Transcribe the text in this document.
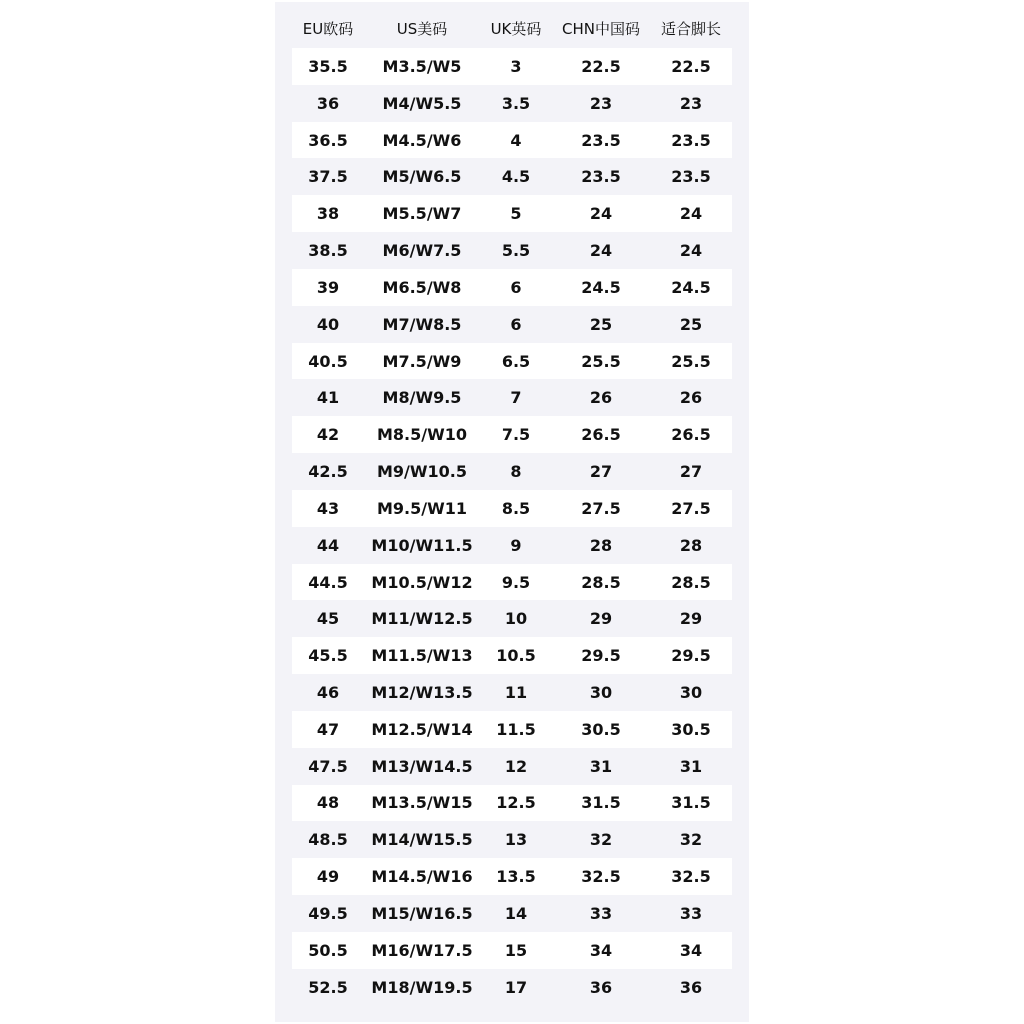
EU欧码	US美码	UK英码	CHN中国码	适合脚长
35.5	M3.5/W5	3	22.5	22.5
36	M4/W5.5	3.5	23	23
36.5	M4.5/W6	4	23.5	23.5
37.5	M5/W6.5	4.5	23.5	23.5
38	M5.5/W7	5	24	24
38.5	M6/W7.5	5.5	24	24
39	M6.5/W8	6	24.5	24.5
40	M7/W8.5	6	25	25
40.5	M7.5/W9	6.5	25.5	25.5
41	M8/W9.5	7	26	26
42	M8.5/W10	7.5	26.5	26.5
42.5	M9/W10.5	8	27	27
43	M9.5/W11	8.5	27.5	27.5
44	M10/W11.5	9	28	28
44.5	M10.5/W12	9.5	28.5	28.5
45	M11/W12.5	10	29	29
45.5	M11.5/W13	10.5	29.5	29.5
46	M12/W13.5	11	30	30
47	M12.5/W14	11.5	30.5	30.5
47.5	M13/W14.5	12	31	31
48	M13.5/W15	12.5	31.5	31.5
48.5	M14/W15.5	13	32	32
49	M14.5/W16	13.5	32.5	32.5
49.5	M15/W16.5	14	33	33
50.5	M16/W17.5	15	34	34
52.5	M18/W19.5	17	36	36
